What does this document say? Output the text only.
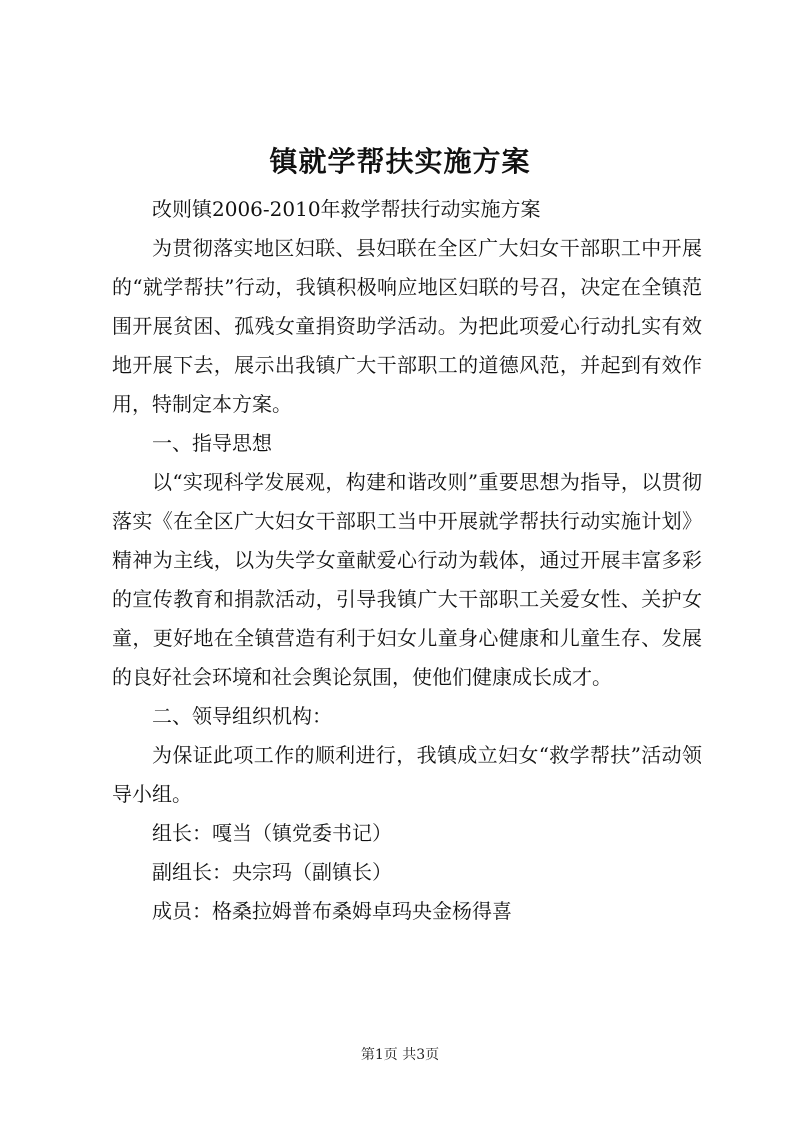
镇就学帮扶实施方案

改则镇2006-2010年救学帮扶行动实施方案

为贯彻落实地区妇联、县妇联在全区广大妇女干部职工中开展的“就学帮扶”行动，我镇积极响应地区妇联的号召，决定在全镇范围开展贫困、孤残女童捐资助学活动。为把此项爱心行动扎实有效地开展下去，展示出我镇广大干部职工的道德风范，并起到有效作用，特制定本方案。

一、指导思想

以“实现科学发展观，构建和谐改则”重要思想为指导，以贯彻落实《在全区广大妇女干部职工当中开展就学帮扶行动实施计划》精神为主线，以为失学女童献爱心行动为载体，通过开展丰富多彩的宣传教育和捐款活动，引导我镇广大干部职工关爱女性、关护女童，更好地在全镇营造有利于妇女儿童身心健康和儿童生存、发展的良好社会环境和社会舆论氛围，使他们健康成长成才。

二、领导组织机构：

为保证此项工作的顺利进行，我镇成立妇女“救学帮扶”活动领导小组。

组长：嘎当（镇党委书记）

副组长：央宗玛（副镇长）

成员：格桑拉姆普布桑姆卓玛央金杨得喜

第1页 共3页
